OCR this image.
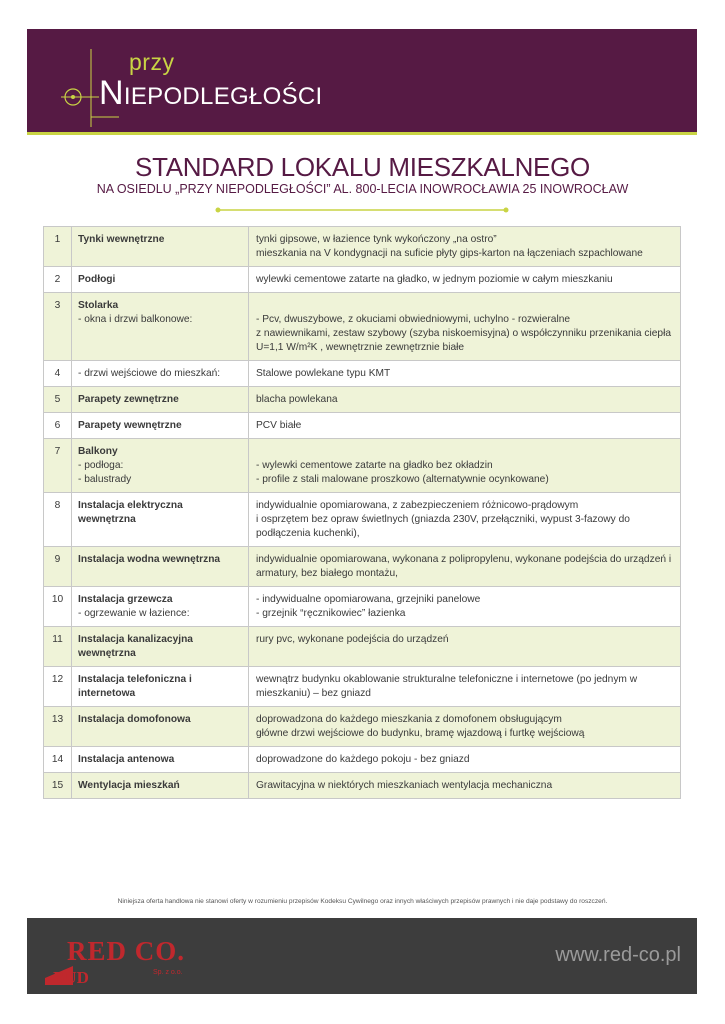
przy
NIEPODLEGŁOŚCI
STANDARD LOKALU MIESZKALNEGO
NA OSIEDLU „PRZY NIEPODLEGŁOŚCI” AL. 800-LECIA INOWROCŁAWIA 25 INOWROCŁAW
1	Tynki wewnętrzne	tynki gipsowe, w łazience tynk wykończony „na ostro”
mieszkania na V kondygnacji na suficie płyty gips-karton na łączeniach szpachlowane

2	Podłogi	wylewki cementowe zatarte na gładko, w jednym poziomie w całym mieszkaniu

3	Stolarka
- okna i drzwi balkonowe:	- Pcv, dwuszybowe, z okuciami obwiedniowymi, uchylno - rozwieralne
z nawiewnikami, zestaw szybowy (szyba niskoemisyjna) o współczynniku przenikania ciepła U=1,1 W/m²K , wewnętrznie zewnętrznie białe

4	- drzwi wejściowe do mieszkań:	Stalowe powlekane typu KMT

5	Parapety zewnętrzne	blacha powlekana

6	Parapety wewnętrzne	PCV białe

7	Balkony
- podłoga:
- balustrady	- wylewki cementowe zatarte na gładko bez okładzin
- profile z stali malowane proszkowo (alternatywnie ocynkowane)

8	Instalacja elektryczna wewnętrzna	indywidualnie opomiarowana, z zabezpieczeniem różnicowo-prądowym
i osprzętem bez opraw świetlnych (gniazda 230V, przełączniki, wypust 3-fazowy do podłączenia kuchenki),

9	Instalacja wodna wewnętrzna	indywidualnie opomiarowana, wykonana z polipropylenu, wykonane podejścia do urządzeń i armatury, bez białego montażu,

10	Instalacja grzewcza
- ogrzewanie w łazience:	- indywidualne opomiarowana, grzejniki panelowe
- grzejnik “ręcznikowiec” łazienka

11	Instalacja kanalizacyjna wewnętrzna	rury pvc, wykonane podejścia do urządzeń

12	Instalacja telefoniczna i internetowa	wewnątrz budynku okablowanie strukturalne telefoniczne i internetowe (po jednym w mieszkaniu) – bez gniazd

13	Instalacja domofonowa	doprowadzona do każdego mieszkania z domofonem obsługującym
główne drzwi wejściowe do budynku, bramę wjazdową i furtkę wejściową

14	Instalacja antenowa	doprowadzone do każdego pokoju - bez gniazd

15	Wentylacja mieszkań	Grawitacyjna w niektórych mieszkaniach wentylacja mechaniczna
Niniejsza oferta handlowa nie stanowi oferty w rozumieniu przepisów Kodeksu Cywilnego oraz innych właściwych przepisów prawnych i nie daje podstawy do roszczeń.
RED CO.
BUD	Sp. z o.o.
www.red-co.pl
